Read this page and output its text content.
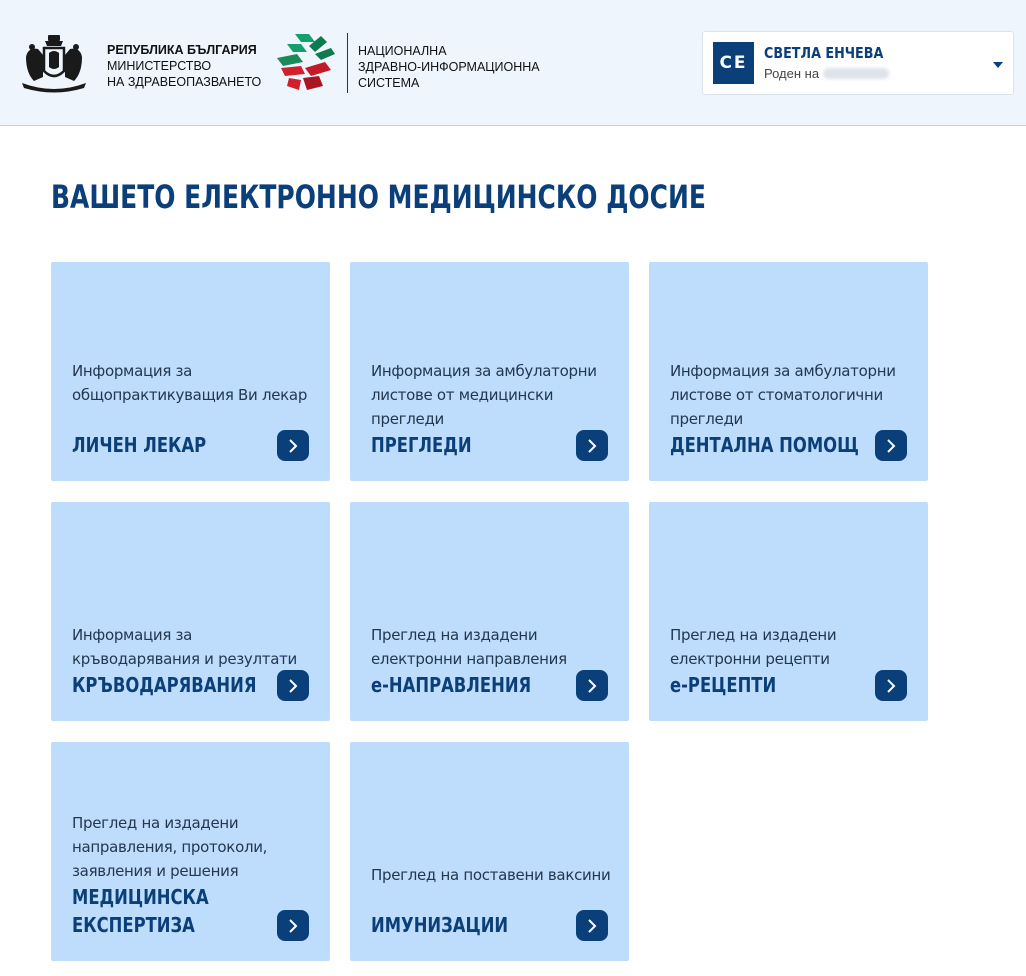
РЕПУБЛИКА БЪЛГАРИЯ
МИНИСТЕРСТВО
НА ЗДРАВЕОПАЗВАНЕТО
НАЦИОНАЛНА
ЗДРАВНО-ИНФОРМАЦИОННА
СИСТЕМА
СЕ	СВЕТЛА ЕНЧЕВА
Роден на
ВАШЕТО ЕЛЕКТРОННО МЕДИЦИНСКО ДОСИЕ
Информация за общопрактикуващия Ви лекар
ЛИЧЕН ЛЕКАР
Информация за амбулаторни листове от медицински прегледи
ПРЕГЛЕДИ
Информация за амбулаторни листове от стоматологични прегледи
ДЕНТАЛНА ПОМОЩ
Информация за кръводарявания и резултати
КРЪВОДАРЯВАНИЯ
Преглед на издадени електронни направления
е-НАПРАВЛЕНИЯ
Преглед на издадени електронни рецепти
е-РЕЦЕПТИ
Преглед на издадени направления, протоколи, заявления и решения
МЕДИЦИНСКА ЕКСПЕРТИЗА
Преглед на поставени ваксини
ИМУНИЗАЦИИ
